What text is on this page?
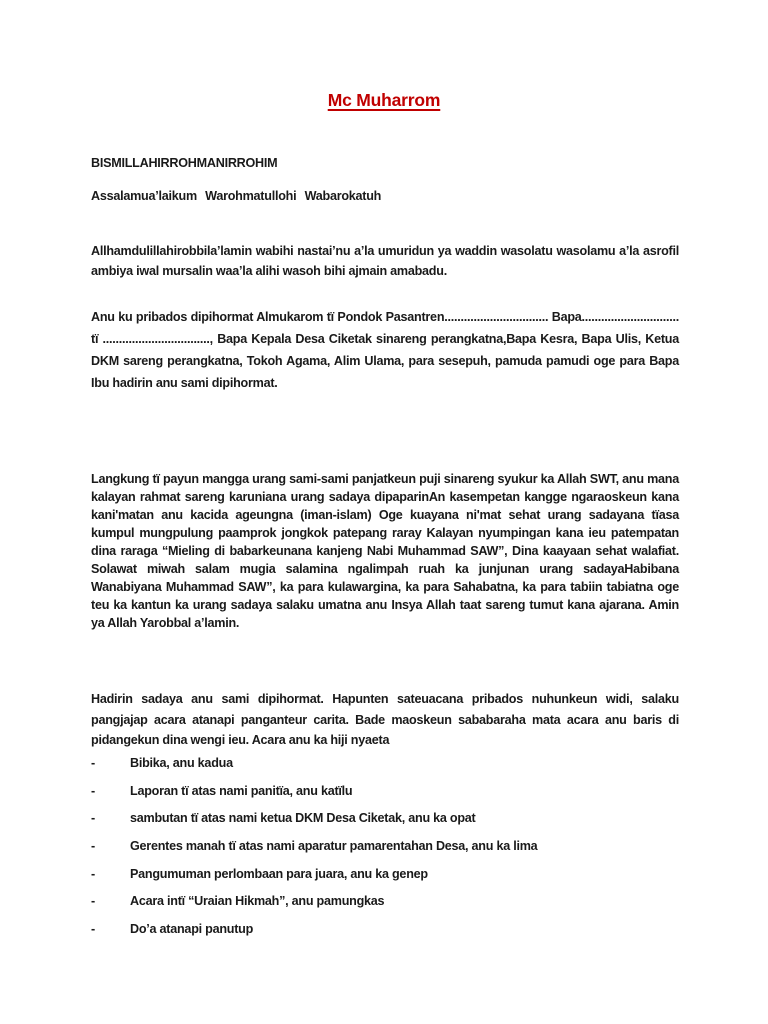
Mc Muharrom

BISMILLAHIRROHMANIRROHIM

Assalamua’laikum Warohmatullohi Wabarokatuh

Allhamdulillahirobbila’lamin wabihi nastai’nu a’la umuridun ya waddin wasolatu wasolamu a’la asrofil ambiya iwal mursalin waa’la alihi wasoh bihi ajmain amabadu.

Anu ku pribados dipihormat Almukarom tï Pondok Pasantren................................ Bapa.............................. tï ................................., Bapa Kepala Desa Ciketak sinareng perangkatna,Bapa Kesra, Bapa Ulis, Ketua DKM sareng perangkatna, Tokoh Agama, Alim Ulama, para sesepuh, pamuda pamudi oge para Bapa Ibu hadirin anu sami dipihormat.

Langkung tï payun mangga urang sami-sami panjatkeun puji sinareng syukur ka Allah SWT, anu mana kalayan rahmat sareng karuniana urang sadaya dipaparinAn kasempetan kangge ngaraoskeun kana kani'matan anu kacida ageungna (iman-islam) Oge kuayana ni'mat sehat urang sadayana tïasa kumpul mungpulung paamprok jongkok patepang raray Kalayan nyumpingan kana ieu patempatan dina raraga “Mieling di babarkeunana kanjeng Nabi Muhammad SAW”, Dina kaayaan sehat walafiat. Solawat miwah salam mugia salamina ngalimpah ruah ka junjunan urang sadayaHabibana Wanabiyana Muhammad SAW”, ka para kulawargina, ka para Sahabatna, ka para tabiin tabiatna oge teu ka kantun ka urang sadaya salaku umatna anu Insya Allah taat sareng tumut kana ajarana. Amin ya Allah Yarobbal a’lamin.

Hadirin sadaya anu sami dipihormat. Hapunten sateuacana pribados nuhunkeun widi, salaku pangjajap acara atanapi panganteur carita. Bade maoskeun sababaraha mata acara anu baris di pidangekun dina wengi ieu. Acara anu ka hiji nyaeta

-	Bibika, anu kadua
-	Laporan tï atas nami panitïa, anu katïlu
-	sambutan tï atas nami ketua DKM Desa Ciketak, anu ka opat
-	Gerentes manah tï atas nami aparatur pamarentahan Desa, anu ka lima
-	Pangumuman perlombaan para juara, anu ka genep
-	Acara intï “Uraian Hikmah”, anu pamungkas
-	Do’a atanapi panutup
